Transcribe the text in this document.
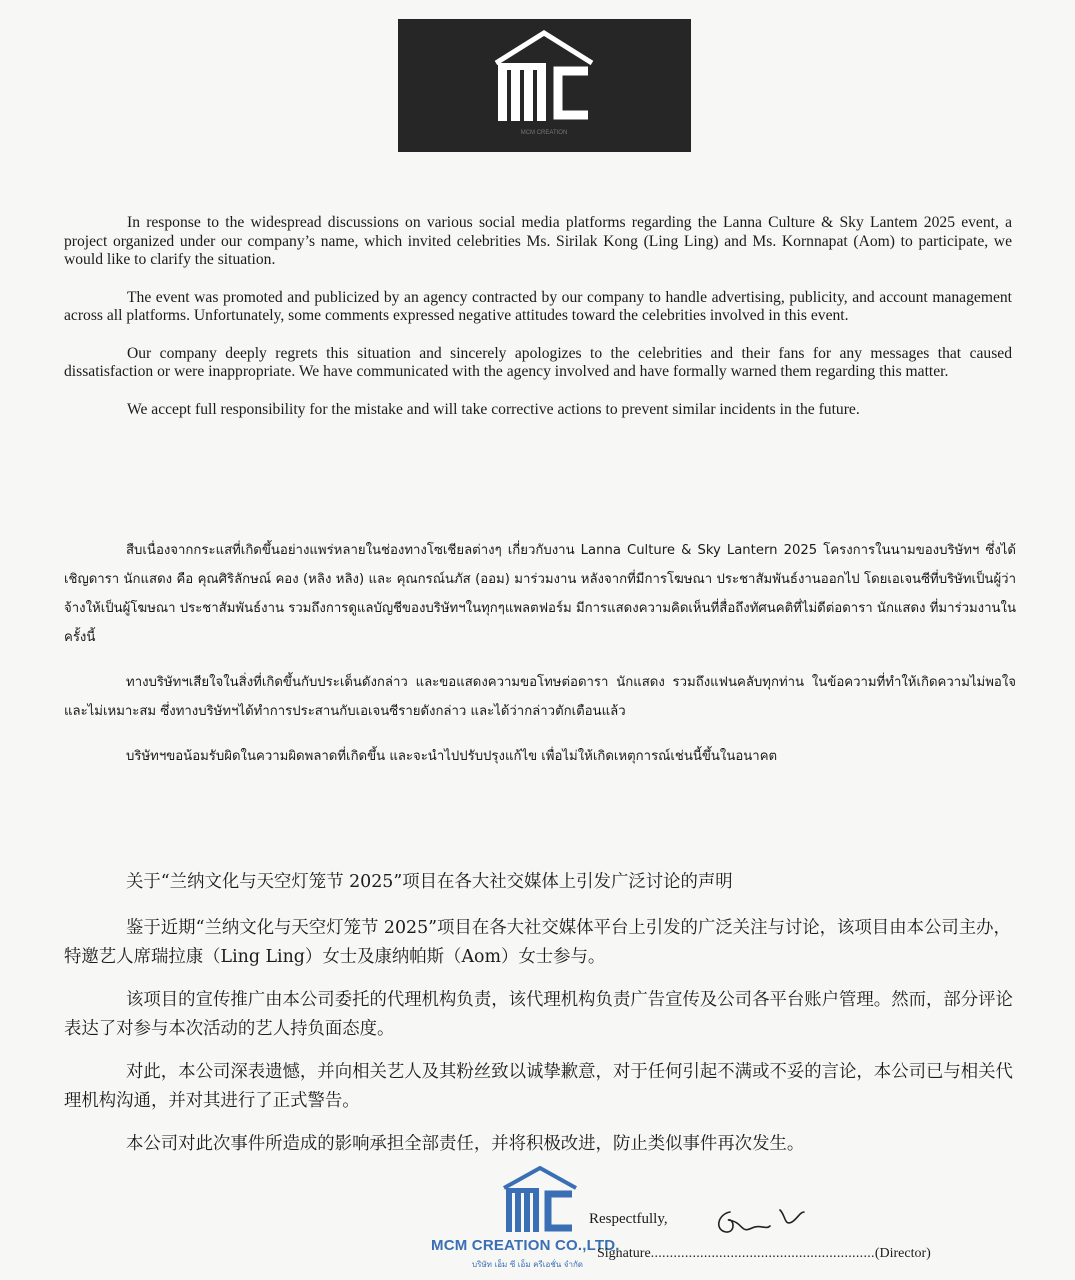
MCM CREATION

In response to the widespread discussions on various social media platforms regarding the Lanna Culture & Sky Lantem 2025 event, a project organized under our company’s name, which invited celebrities Ms. Sirilak Kong (Ling Ling) and Ms. Kornnapat (Aom) to participate, we would like to clarify the situation.

The event was promoted and publicized by an agency contracted by our company to handle advertising, publicity, and account management across all platforms. Unfortunately, some comments expressed negative attitudes toward the celebrities involved in this event.

Our company deeply regrets this situation and sincerely apologizes to the celebrities and their fans for any messages that caused dissatisfaction or were inappropriate. We have communicated with the agency involved and have formally warned them regarding this matter.

We accept full responsibility for the mistake and will take corrective actions to prevent similar incidents in the future.

สืบเนื่องจากกระแสที่เกิดขึ้นอย่างแพร่หลายในช่องทางโซเชียลต่างๆ เกี่ยวกับงาน Lanna Culture & Sky Lantern 2025 โครงการในนามของบริษัทฯ ซึ่งได้เชิญดารา นักแสดง คือ คุณศิริลักษณ์ คอง (หลิง หลิง) และ คุณกรณ์นภัส (ออม) มาร่วมงาน หลังจากที่มีการโฆษณา ประชาสัมพันธ์งานออกไป โดยเอเจนซีที่บริษัทเป็นผู้ว่าจ้างให้เป็นผู้โฆษณา ประชาสัมพันธ์งาน รวมถึงการดูแลบัญชีของบริษัทฯในทุกๆแพลตฟอร์ม มีการแสดงความคิดเห็นที่สื่อถึงทัศนคติที่ไม่ดีต่อดารา นักแสดง ที่มาร่วมงานในครั้งนี้

ทางบริษัทฯเสียใจในสิ่งที่เกิดขึ้นกับประเด็นดังกล่าว และขอแสดงความขอโทษต่อดารา นักแสดง รวมถึงแฟนคลับทุกท่าน ในข้อความที่ทำให้เกิดความไม่พอใจและไม่เหมาะสม ซึ่งทางบริษัทฯได้ทำการประสานกับเอเจนซีรายดังกล่าว และได้ว่ากล่าวตักเตือนแล้ว

บริษัทฯขอน้อมรับผิดในความผิดพลาดที่เกิดขึ้น และจะนำไปปรับปรุงแก้ไข เพื่อไม่ให้เกิดเหตุการณ์เช่นนี้ขึ้นในอนาคต

关于“兰纳文化与天空灯笼节 2025”项目在各大社交媒体上引发广泛讨论的声明

鉴于近期“兰纳文化与天空灯笼节 2025”项目在各大社交媒体平台上引发的广泛关注与讨论，该项目由本公司主办，特邀艺人席瑞拉康（Ling Ling）女士及康纳帕斯（Aom）女士参与。

该项目的宣传推广由本公司委托的代理机构负责，该代理机构负责广告宣传及公司各平台账户管理。然而，部分评论表达了对参与本次活动的艺人持负面态度。

对此，本公司深表遗憾，并向相关艺人及其粉丝致以诚挚歉意，对于任何引起不满或不妥的言论，本公司已与相关代理机构沟通，并对其进行了正式警告。

本公司对此次事件所造成的影响承担全部责任，并将积极改进，防止类似事件再次发生。

MCM CREATION CO.,LTD.
บริษัท เอ็ม ซี เอ็ม ครีเอชั่น จำกัด
Respectfully,
Signature...........................................................(Director)
